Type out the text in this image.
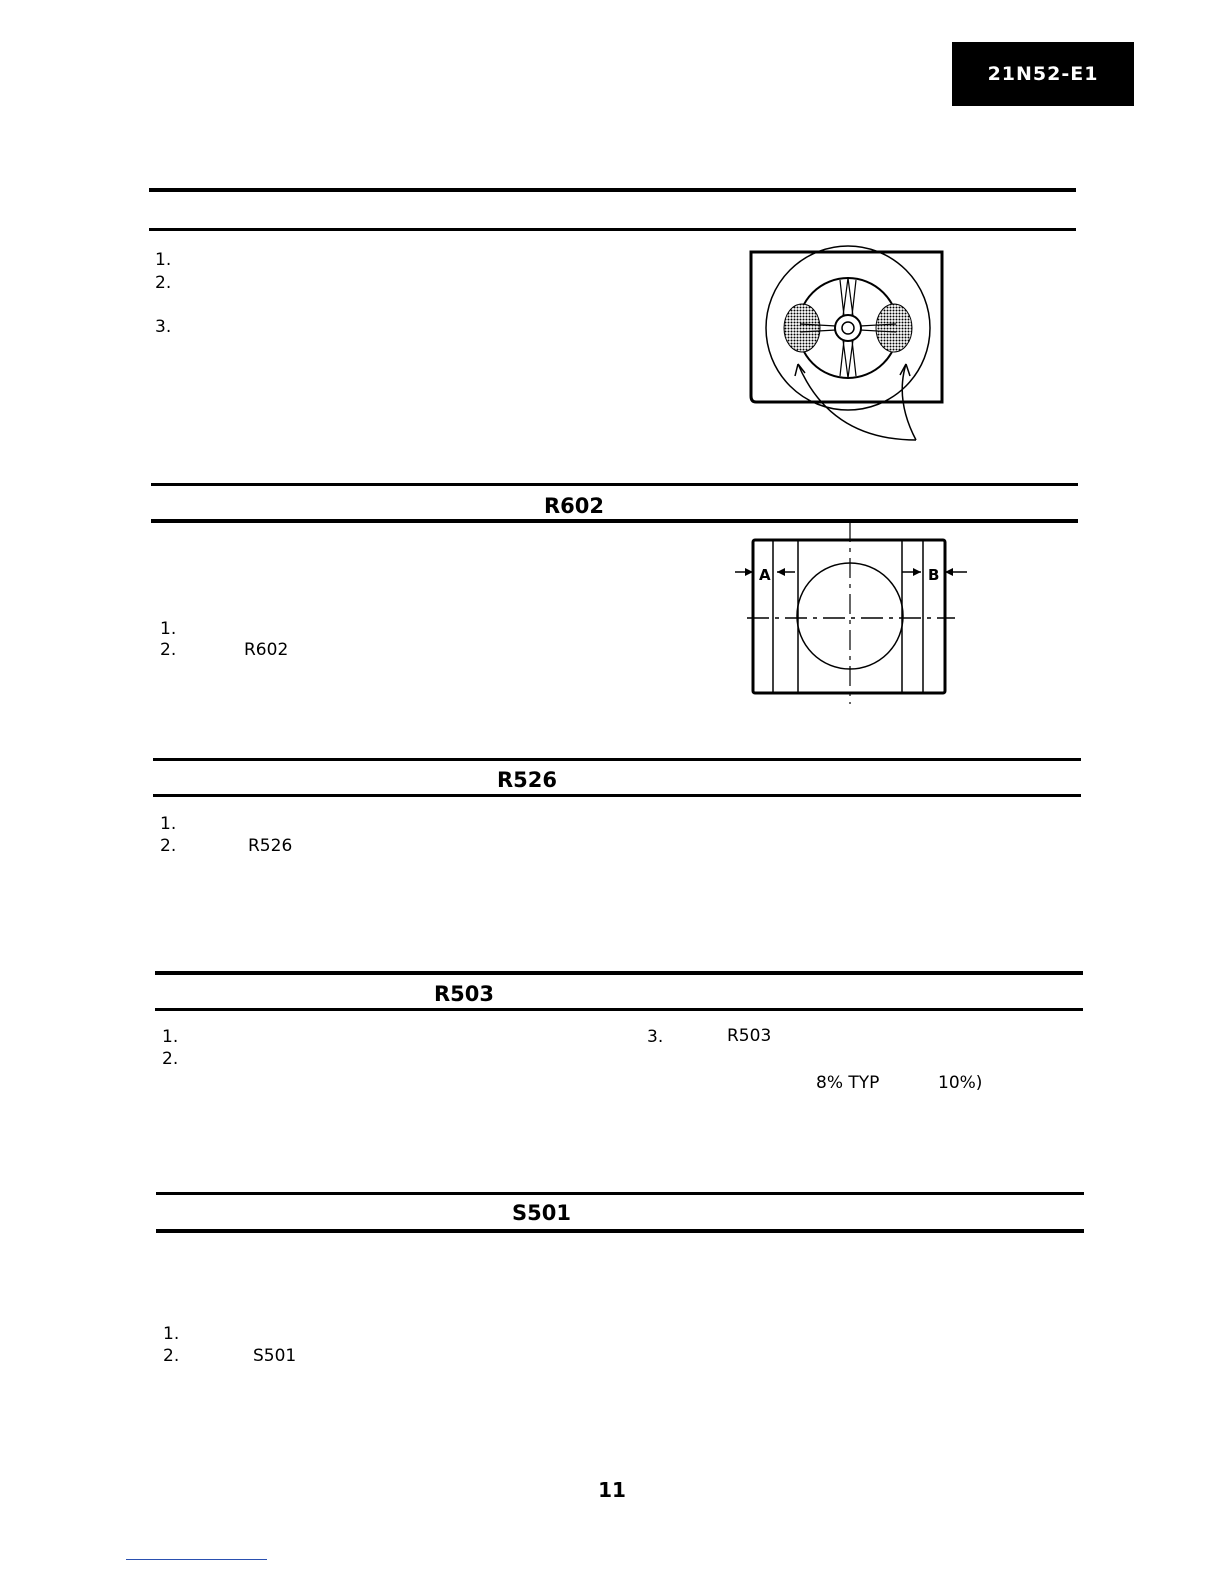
21N52-E1
1.
2.
3.
R602
1.
2.	R602
A	B
R526
1.
2.	R526
R503
1.
2.
3.	R503
8% TYP	10%)
S501
1.
2.	S501
11
